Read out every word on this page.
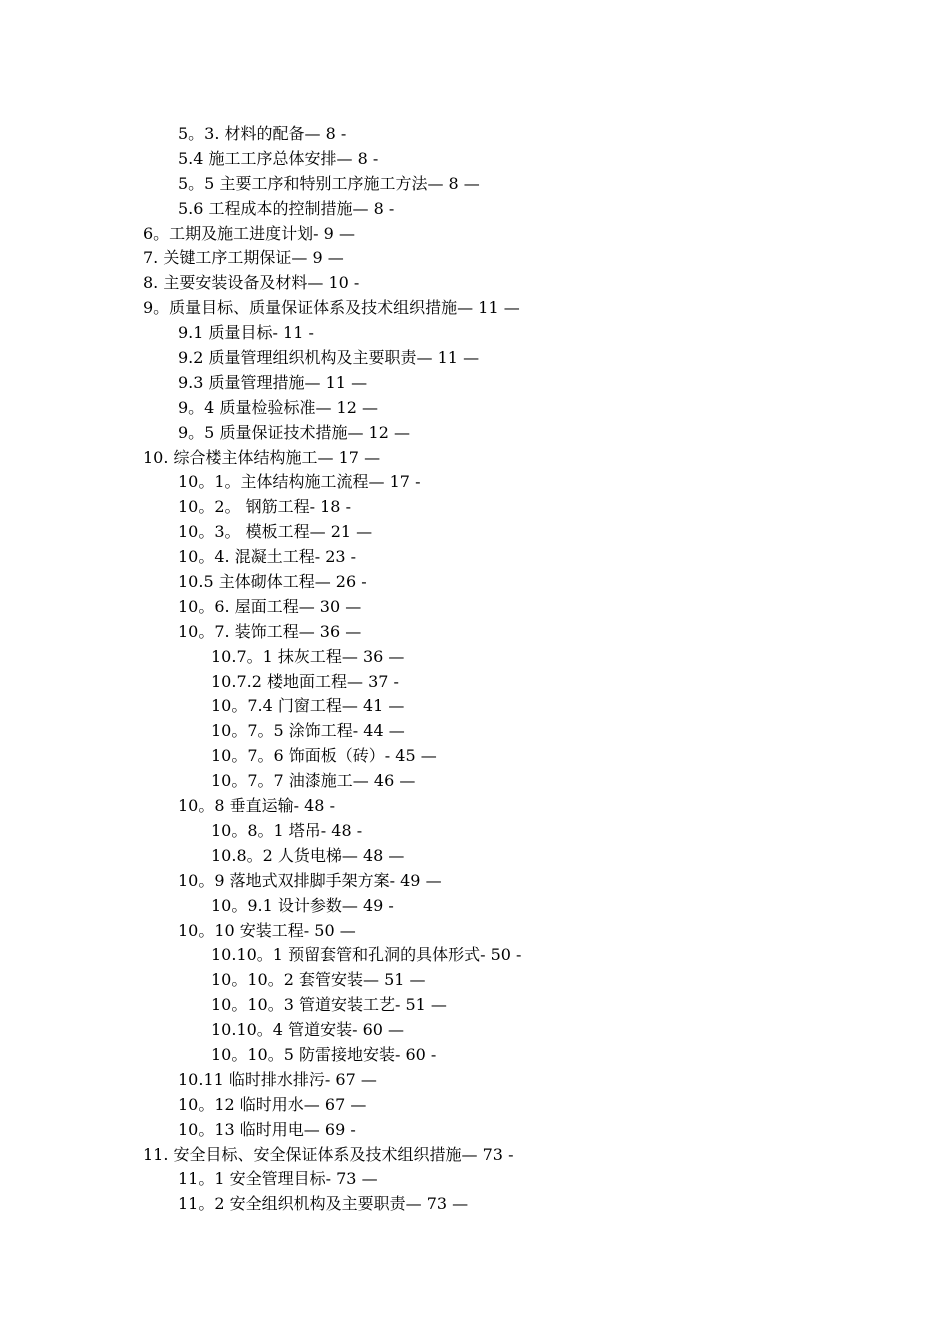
5。3. 材料的配备— 8 -
5.4 施工工序总体安排— 8 -
5。5 主要工序和特别工序施工方法— 8 —
5.6 工程成本的控制措施— 8 -
6。工期及施工进度计划- 9 —
7. 关键工序工期保证— 9 —
8. 主要安装设备及材料— 10 -
9。质量目标、质量保证体系及技术组织措施— 11 —
9.1 质量目标- 11 -
9.2 质量管理组织机构及主要职责— 11 —
9.3 质量管理措施— 11 —
9。4 质量检验标准— 12 —
9。5 质量保证技术措施— 12 —
10. 综合楼主体结构施工— 17 —
10。1。主体结构施工流程— 17 -
10。2。 钢筋工程- 18 -
10。3。 模板工程— 21 —
10。4. 混凝土工程- 23 -
10.5 主体砌体工程— 26 -
10。6. 屋面工程— 30 —
10。7. 装饰工程— 36 —
10.7。1 抹灰工程— 36 —
10.7.2 楼地面工程— 37 -
10。7.4 门窗工程— 41 —
10。7。5 涂饰工程- 44 —
10。7。6 饰面板（砖）- 45 —
10。7。7 油漆施工— 46 —
10。8 垂直运输- 48 -
10。8。1 塔吊- 48 -
10.8。2 人货电梯— 48 —
10。9 落地式双排脚手架方案- 49 —
10。9.1 设计参数— 49 -
10。10 安装工程- 50 —
10.10。1 预留套管和孔洞的具体形式- 50 -
10。10。2 套管安装— 51 —
10。10。3 管道安装工艺- 51 —
10.10。4 管道安装- 60 —
10。10。5 防雷接地安装- 60 -
10.11 临时排水排污- 67 —
10。12 临时用水— 67 —
10。13 临时用电— 69 -
11. 安全目标、安全保证体系及技术组织措施— 73 -
11。1 安全管理目标- 73 —
11。2 安全组织机构及主要职责— 73 —
